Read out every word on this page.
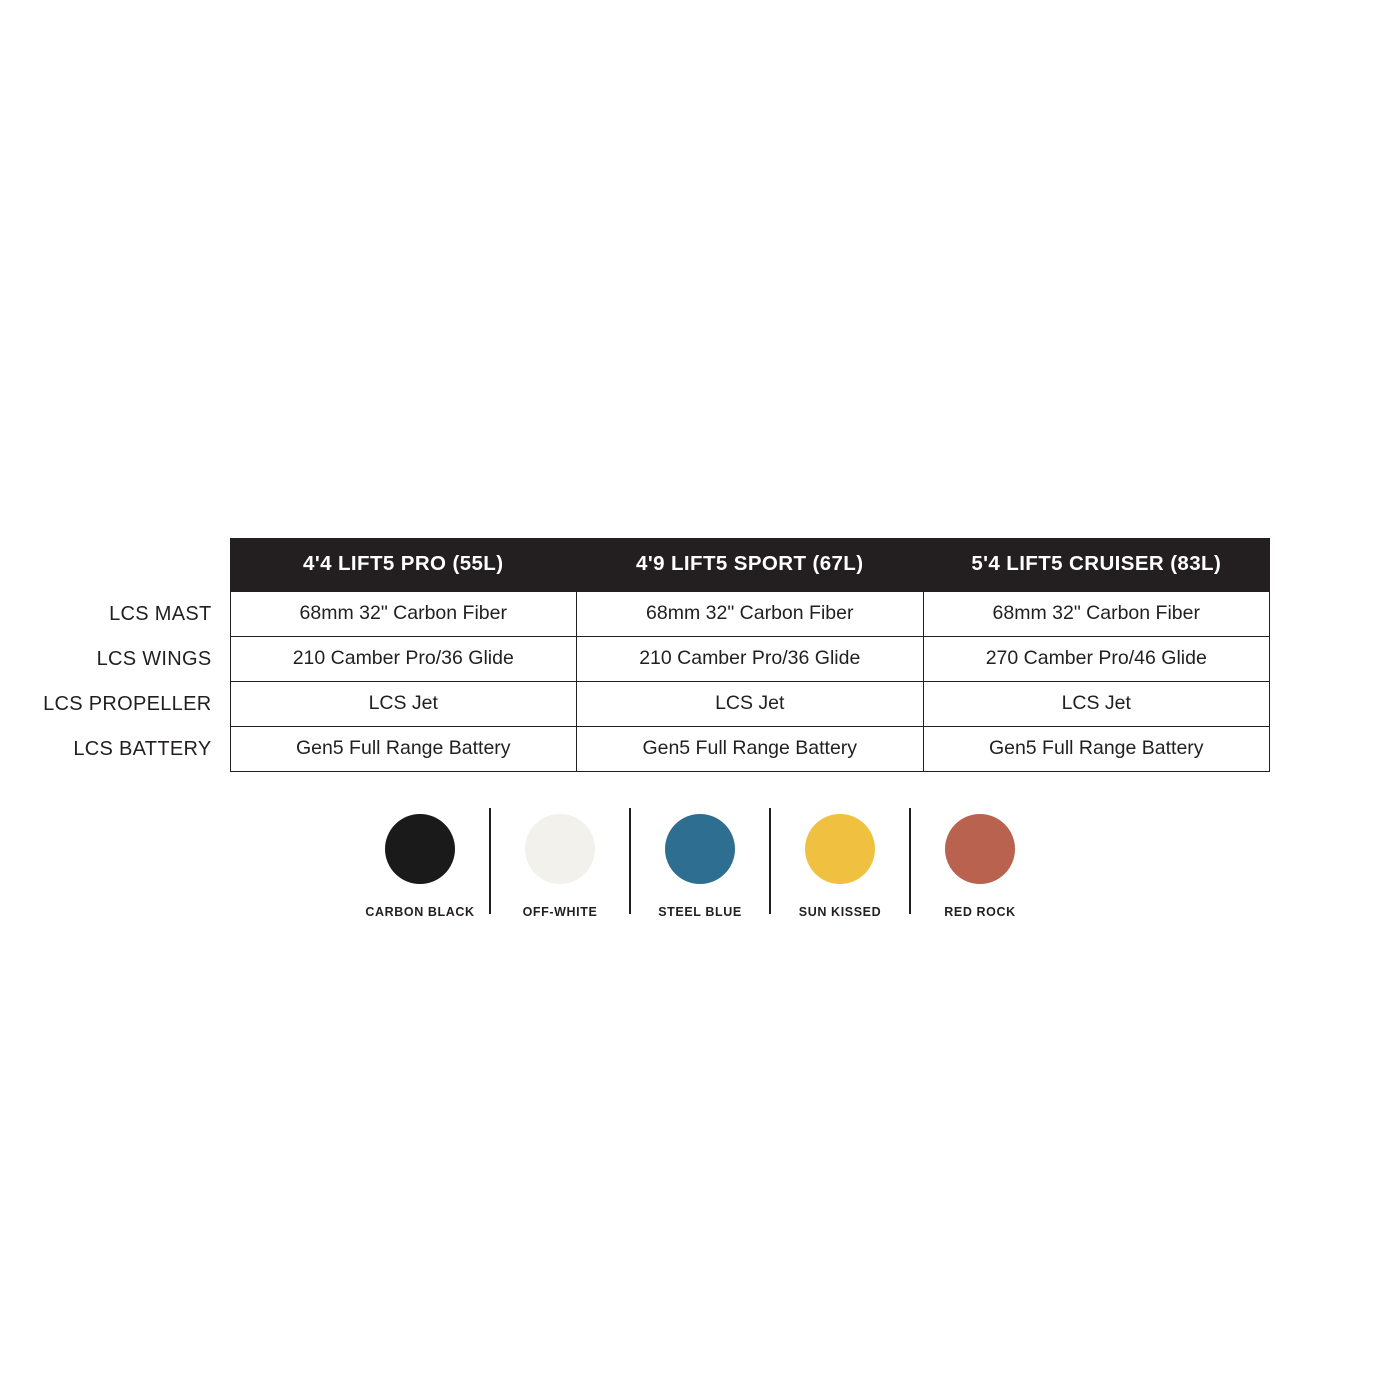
	4'4 LIFT5 PRO (55L)	4'9 LIFT5 SPORT (67L)	5'4 LIFT5 CRUISER (83L)
LCS MAST	68mm 32" Carbon Fiber	68mm 32" Carbon Fiber	68mm 32" Carbon Fiber
LCS WINGS	210 Camber Pro/36 Glide	210 Camber Pro/36 Glide	270 Camber Pro/46 Glide
LCS PROPELLER	LCS Jet	LCS Jet	LCS Jet
LCS BATTERY	Gen5 Full Range Battery	Gen5 Full Range Battery	Gen5 Full Range Battery
CARBON BLACK	OFF-WHITE	STEEL BLUE	SUN KISSED	RED ROCK
